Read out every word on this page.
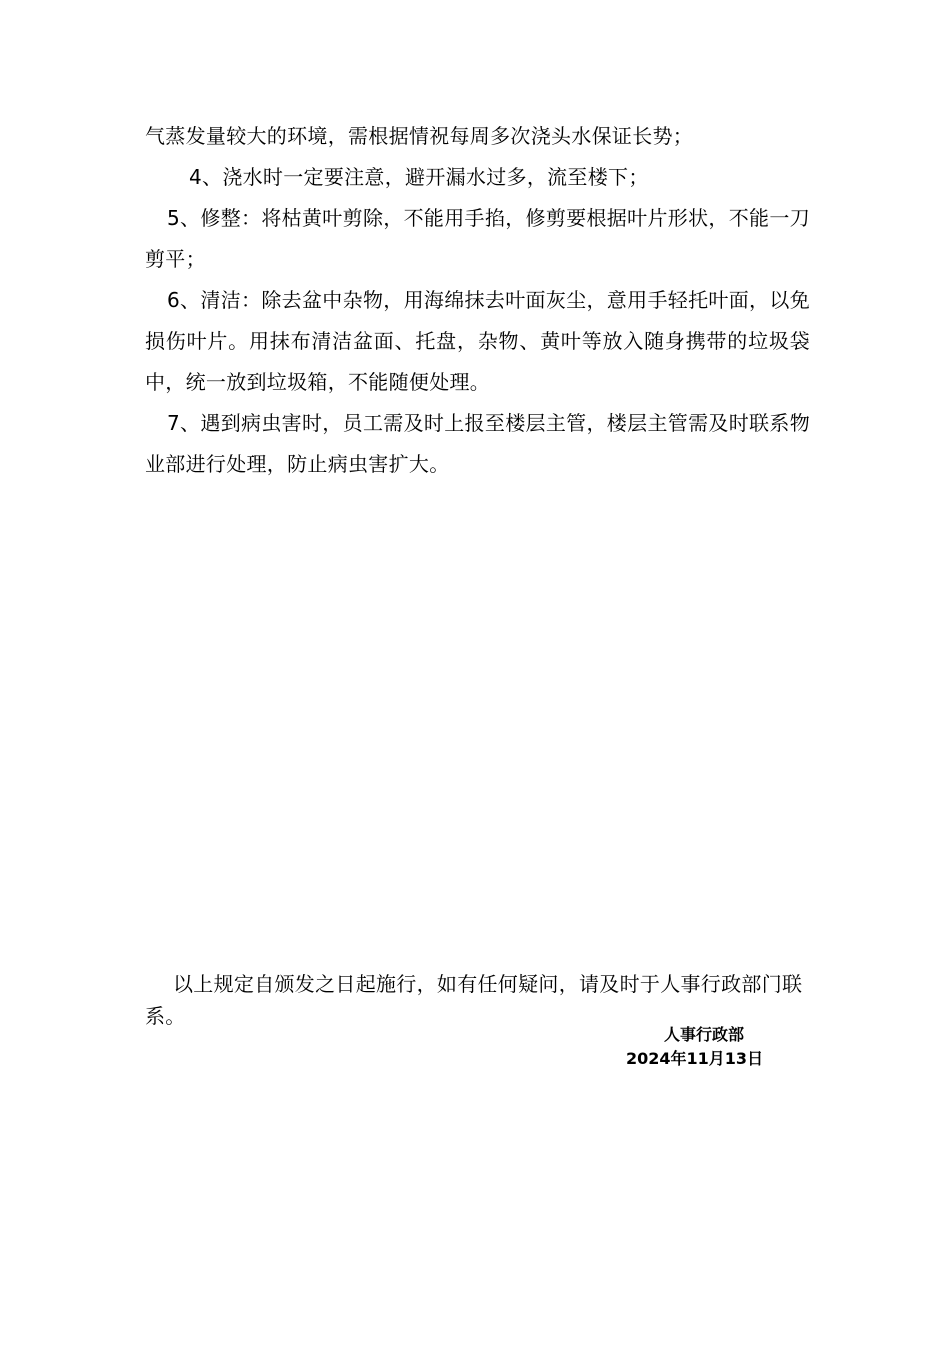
气蒸发量较大的环境，需根据情祝每周多次浇头水保证长势；

4、浇水时一定要注意，避开漏水过多，流至楼下；

5、修整：将枯黄叶剪除，不能用手掐，修剪要根据叶片形状，不能一刀剪平；

6、清洁：除去盆中杂物，用海绵抹去叶面灰尘，意用手轻托叶面，以免损伤叶片。用抹布清洁盆面、托盘，杂物、黄叶等放入随身携带的垃圾袋中，统一放到垃圾箱，不能随便处理。

7、遇到病虫害时，员工需及时上报至楼层主管，楼层主管需及时联系物业部进行处理，防止病虫害扩大。

以上规定自颁发之日起施行，如有任何疑问，请及时于人事行政部门联系。

人事行政部
2024年11月13日
